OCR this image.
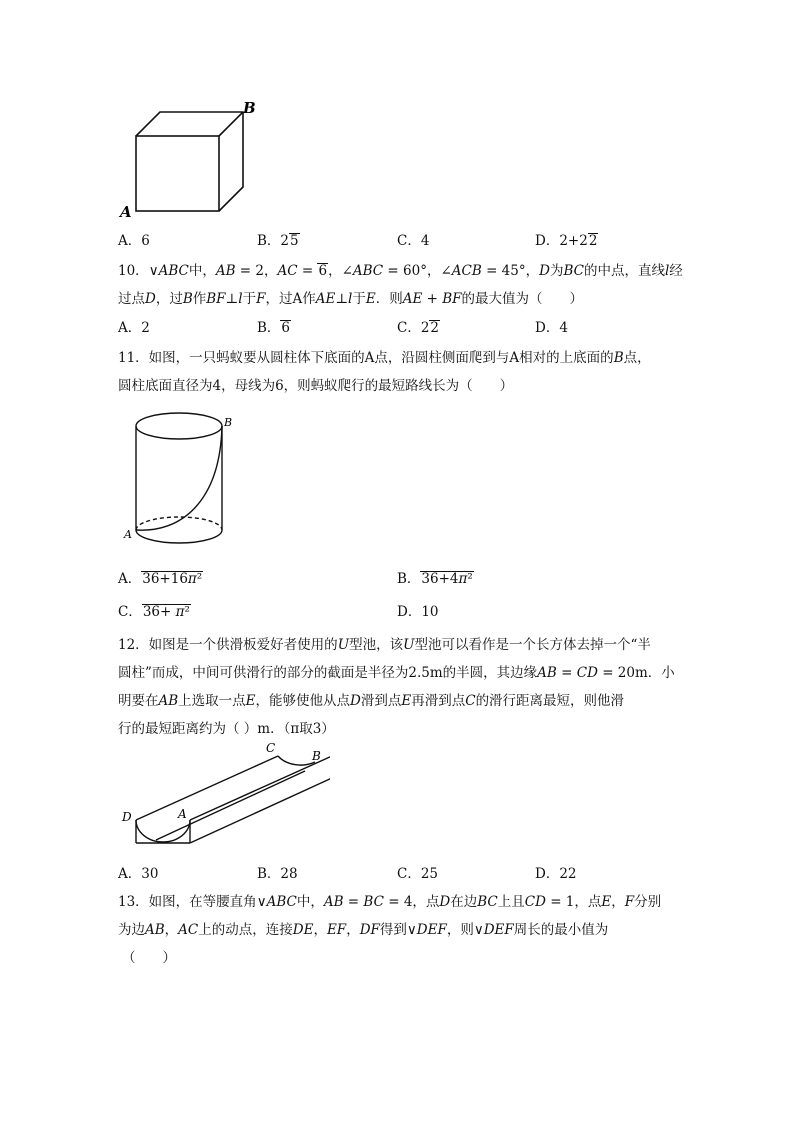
B
A
A．6	B．25	C．4	D．2+22
10．∨ABC中，AB = 2，AC = 6，∠ABC = 60°，∠ACB = 45°，D为BC的中点，直线l经
过点D，过B作BF⊥l于F，过A作AE⊥l于E．则AE + BF的最大值为（　　）
A．2	B．6	C．22	D．4
11．如图，一只蚂蚁要从圆柱体下底面的A点，沿圆柱侧面爬到与A相对的上底面的B点，
圆柱底面直径为4，母线为6，则蚂蚁爬行的最短路线长为（　　）
B
A
A．36+16π²	B．36+4π²
C．36+ π²	D．10
12．如图是一个供滑板爱好者使用的U型池，该U型池可以看作是一个长方体去掉一个“半
圆柱”而成，中间可供滑行的部分的截面是半径为2.5m的半圆，其边缘AB = CD = 20m．小
明要在AB上选取一点E，能够使他从点D滑到点E再滑到点C的滑行距离最短，则他滑
行的最短距离约为（ ）m．（π取3）
C
B
D	A
A．30	B．28	C．25	D．22
13．如图，在等腰直角∨ABC中，AB = BC = 4，点D在边BC上且CD = 1，点E，F分别
为边AB，AC上的动点，连接DE，EF，DF得到∨DEF，则∨DEF周长的最小值为
（　　）
